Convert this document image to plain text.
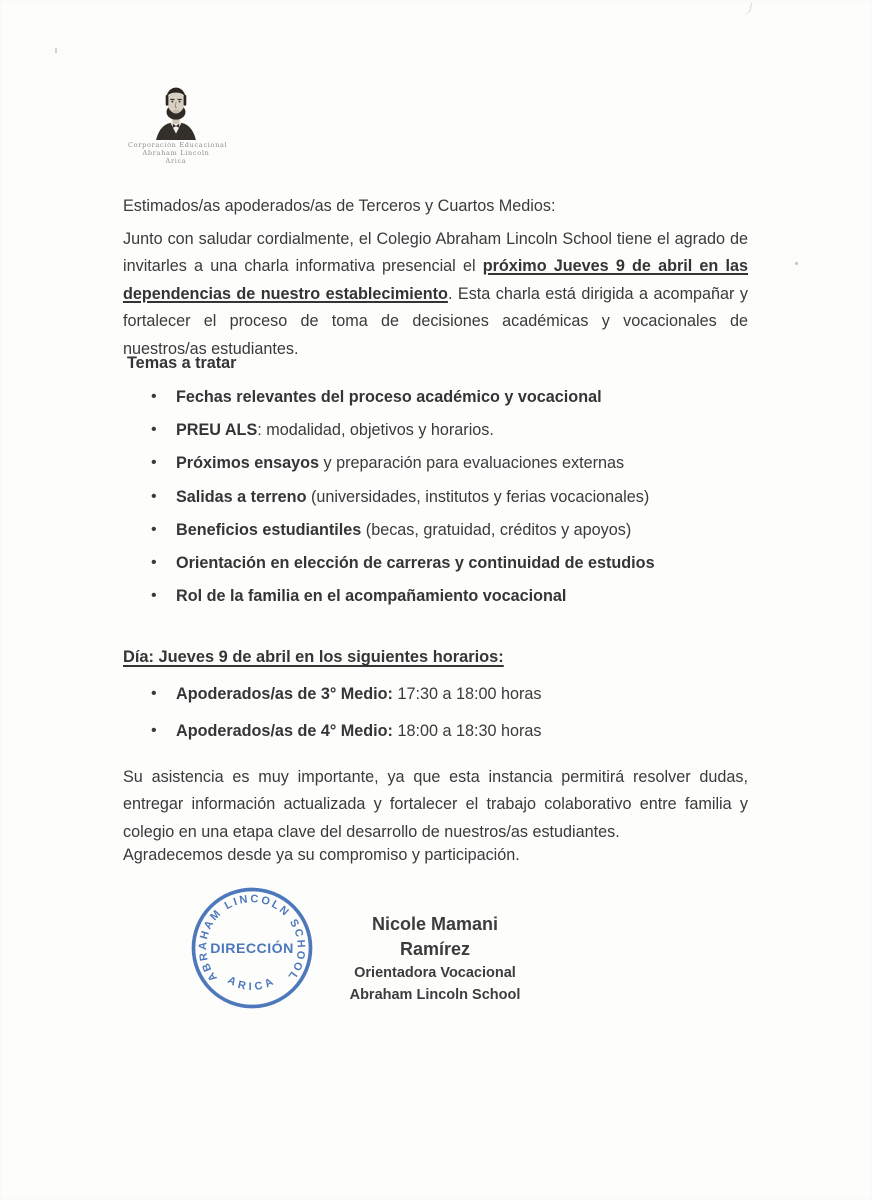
Corporación Educacional
Abraham Lincoln
Arica

Estimados/as apoderados/as de Terceros y Cuartos Medios:

Junto con saludar cordialmente, el Colegio Abraham Lincoln School tiene el agrado de invitarles a una charla informativa presencial el próximo Jueves 9 de abril en las dependencias de nuestro establecimiento. Esta charla está dirigida a acompañar y fortalecer el proceso de toma de decisiones académicas y vocacionales de nuestros/as estudiantes.

Temas a tratar
• Fechas relevantes del proceso académico y vocacional
• PREU ALS: modalidad, objetivos y horarios.
• Próximos ensayos y preparación para evaluaciones externas
• Salidas a terreno (universidades, institutos y ferias vocacionales)
• Beneficios estudiantiles (becas, gratuidad, créditos y apoyos)
• Orientación en elección de carreras y continuidad de estudios
• Rol de la familia en el acompañamiento vocacional
Día: Jueves 9 de abril en los siguientes horarios:
• Apoderados/as de 3° Medio: 17:30 a 18:00 horas
• Apoderados/as de 4° Medio: 18:00 a 18:30 horas

Su asistencia es muy importante, ya que esta instancia permitirá resolver dudas, entregar información actualizada y fortalecer el trabajo colaborativo entre familia y colegio en una etapa clave del desarrollo de nuestros/as estudiantes.

Agradecemos desde ya su compromiso y participación.

ABRAHAM LINCOLN SCHOOL
ARICA
DIRECCIÓN
Nicole Mamani Ramírez
Orientadora Vocacional
Abraham Lincoln School
